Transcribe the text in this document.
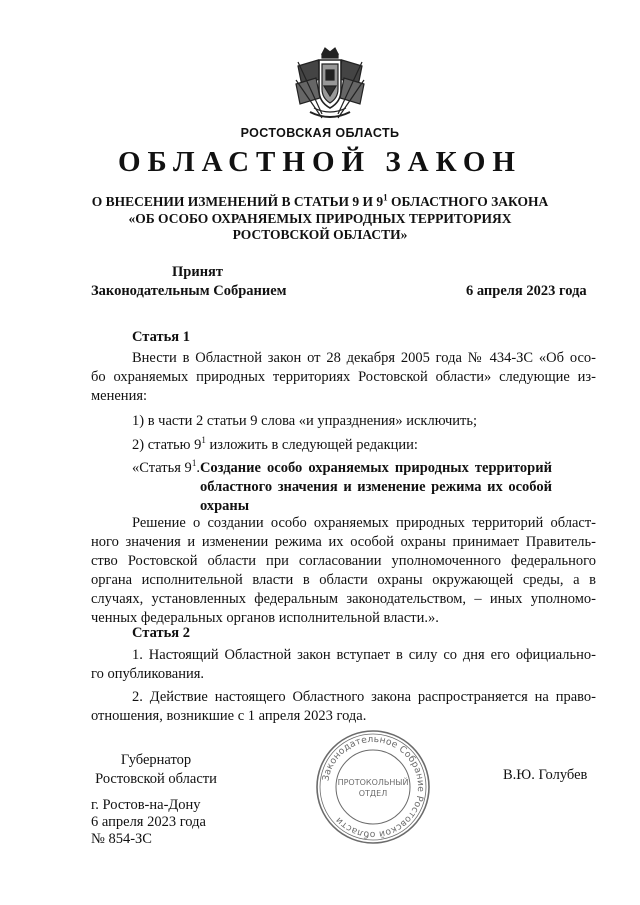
РОСТОВСКАЯ ОБЛАСТЬ
ОБЛАСТНОЙ ЗАКОН
О ВНЕСЕНИИ ИЗМЕНЕНИЙ В СТАТЬИ 9 И $9^1$ ОБЛАСТНОГО ЗАКОНА
«ОБ ОСОБО ОХРАНЯЕМЫХ ПРИРОДНЫХ ТЕРРИТОРИЯХ
РОСТОВСКОЙ ОБЛАСТИ»
Принят
Законодательным Собранием	6 апреля 2023 года
Статья 1
Внести в Областной закон от 28 декабря 2005 года № 434-ЗС «Об осо-
бо охраняемых природных территориях Ростовской области» следующие из-
менения:
1) в части 2 статьи 9 слова «и упразднения» исключить;
2) статью $9^1$ изложить в следующей редакции:
«Статья $9^1$. Создание особо охраняемых природных территорий
областного значения и изменение режима их особой
охраны
Решение о создании особо охраняемых природных территорий област-
ного значения и изменении режима их особой охраны принимает Правитель-
ство Ростовской области при согласовании уполномоченного федерального
органа исполнительной власти в области охраны окружающей среды, а в
случаях, установленных федеральным законодательством, – иных уполномо-
ченных федеральных органов исполнительной власти.».
Статья 2
1. Настоящий Областной закон вступает в силу со дня его официально-
го опубликования.
2. Действие настоящего Областного закона распространяется на право-
отношения, возникшие с 1 апреля 2023 года.
Губернатор
Ростовской области	В.Ю. Голубев
г. Ростов-на-Дону
6 апреля 2023 года
№ 854-ЗС
Законодательное Собрание Ростовской области
ПРОТОКОЛЬНЫЙ
ОТДЕЛ
